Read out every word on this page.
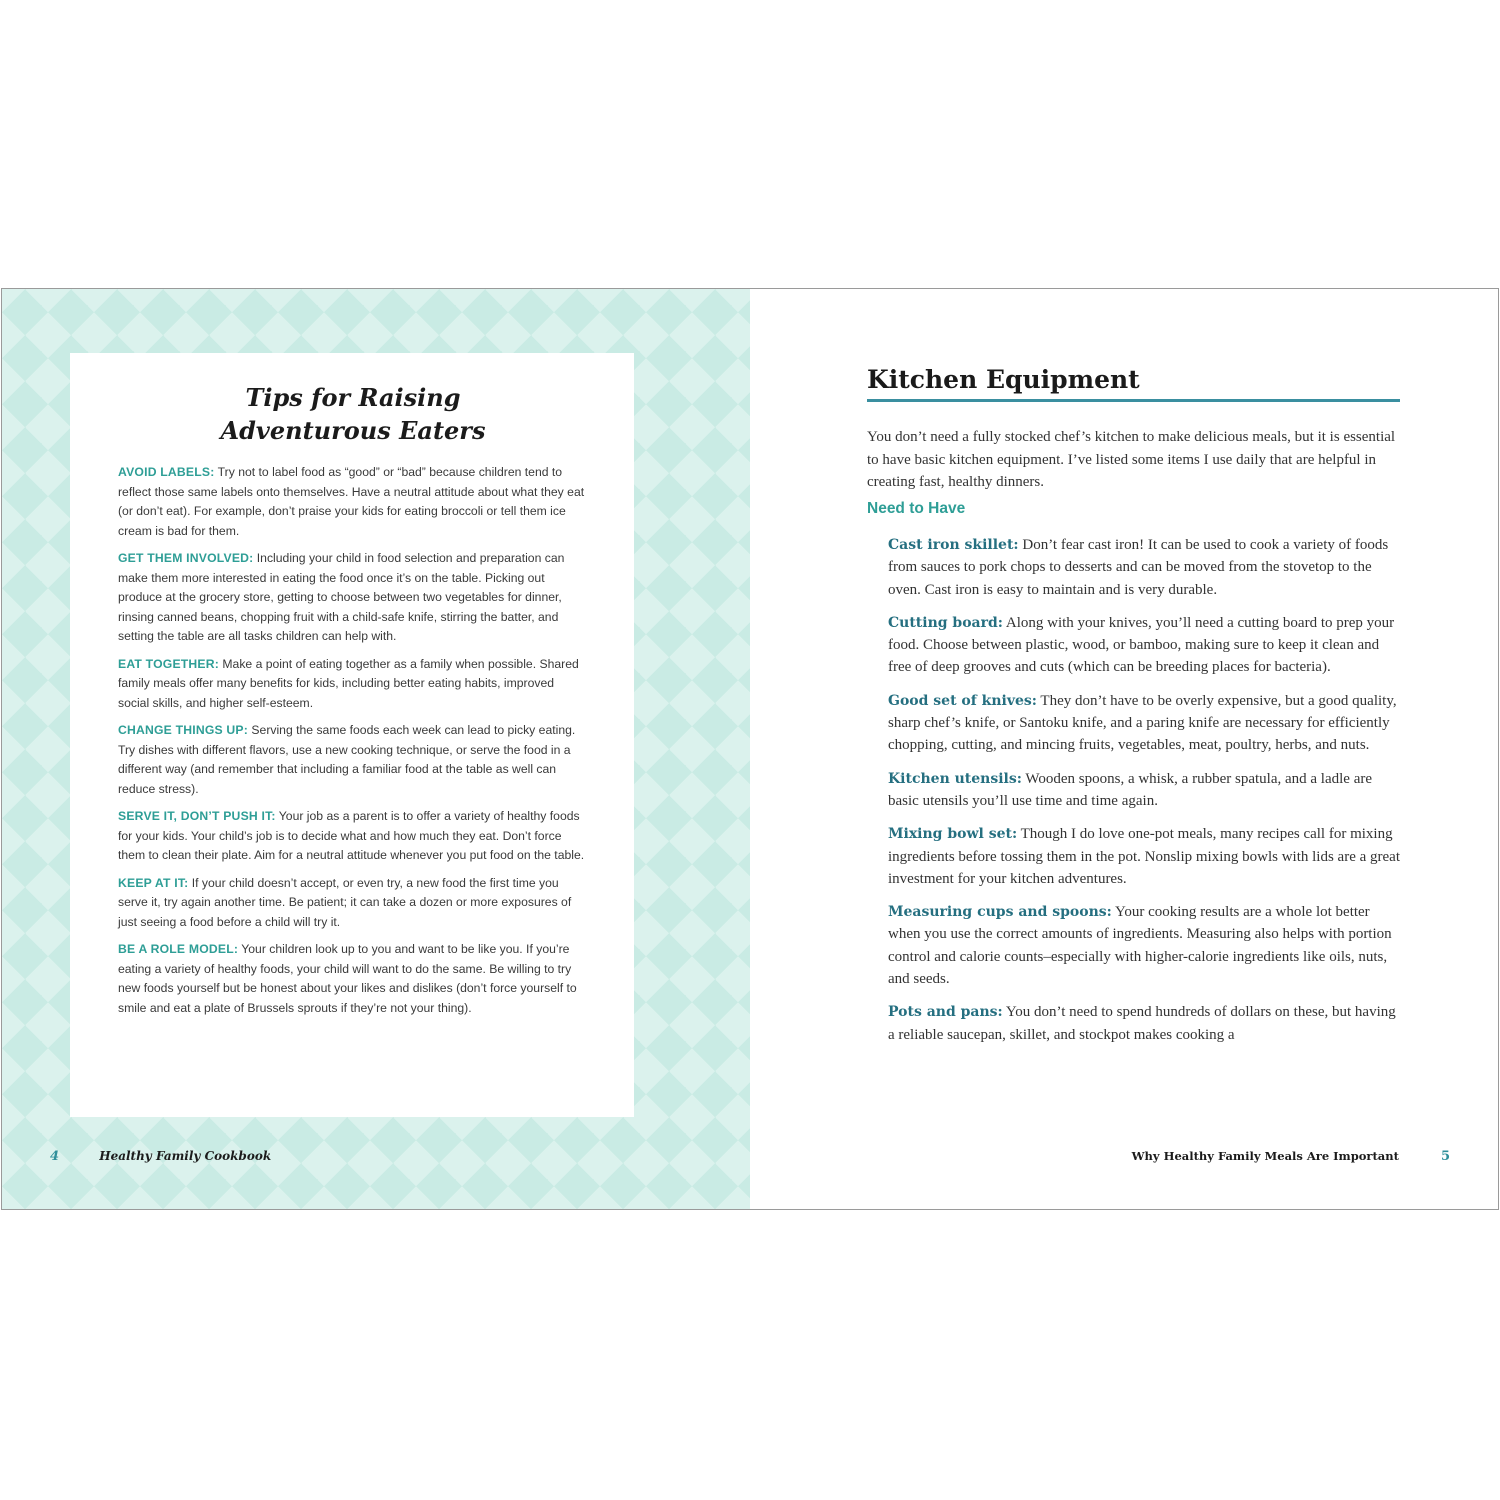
Tips for Raising
Adventurous Eaters

AVOID LABELS: Try not to label food as “good” or “bad” because children tend to reflect those same labels onto themselves. Have a neutral attitude about what they eat (or don’t eat). For example, don’t praise your kids for eating broccoli or tell them ice cream is bad for them.

GET THEM INVOLVED: Including your child in food selection and preparation can make them more interested in eating the food once it’s on the table. Picking out produce at the grocery store, getting to choose between two vegetables for dinner, rinsing canned beans, chopping fruit with a child-safe knife, stirring the batter, and setting the table are all tasks children can help with.

EAT TOGETHER: Make a point of eating together as a family when possible. Shared family meals offer many benefits for kids, including better eating habits, improved social skills, and higher self-esteem.

CHANGE THINGS UP: Serving the same foods each week can lead to picky eating. Try dishes with different flavors, use a new cooking technique, or serve the food in a different way (and remember that including a familiar food at the table as well can reduce stress).

SERVE IT, DON’T PUSH IT: Your job as a parent is to offer a variety of healthy foods for your kids. Your child’s job is to decide what and how much they eat. Don’t force them to clean their plate. Aim for a neutral attitude whenever you put food on the table.

KEEP AT IT: If your child doesn’t accept, or even try, a new food the first time you serve it, try again another time. Be patient; it can take a dozen or more exposures of just seeing a food before a child will try it.

BE A ROLE MODEL: Your children look up to you and want to be like you. If you’re eating a variety of healthy foods, your child will want to do the same. Be willing to try new foods yourself but be honest about your likes and dislikes (don’t force yourself to smile and eat a plate of Brussels sprouts if they’re not your thing).

4	Healthy Family Cookbook
Kitchen Equipment

You don’t need a fully stocked chef’s kitchen to make delicious meals, but it is essential to have basic kitchen equipment. I’ve listed some items I use daily that are helpful in creating fast, healthy dinners.

Need to Have

Cast iron skillet: Don’t fear cast iron! It can be used to cook a variety of foods from sauces to pork chops to desserts and can be moved from the stovetop to the oven. Cast iron is easy to maintain and is very durable.

Cutting board: Along with your knives, you’ll need a cutting board to prep your food. Choose between plastic, wood, or bamboo, making sure to keep it clean and free of deep grooves and cuts (which can be breeding places for bacteria).

Good set of knives: They don’t have to be overly expensive, but a good quality, sharp chef’s knife, or Santoku knife, and a paring knife are necessary for efficiently chopping, cutting, and mincing fruits, vegetables, meat, poultry, herbs, and nuts.

Kitchen utensils: Wooden spoons, a whisk, a rubber spatula, and a ladle are basic utensils you’ll use time and time again.

Mixing bowl set: Though I do love one-pot meals, many recipes call for mixing ingredients before tossing them in the pot. Nonslip mixing bowls with lids are a great investment for your kitchen adventures.

Measuring cups and spoons: Your cooking results are a whole lot better when you use the correct amounts of ingredients. Measuring also helps with portion control and calorie counts–especially with higher-calorie ingredients like oils, nuts, and seeds.

Pots and pans: You don’t need to spend hundreds of dollars on these, but having a reliable saucepan, skillet, and stockpot makes cooking a

Why Healthy Family Meals Are Important	5
